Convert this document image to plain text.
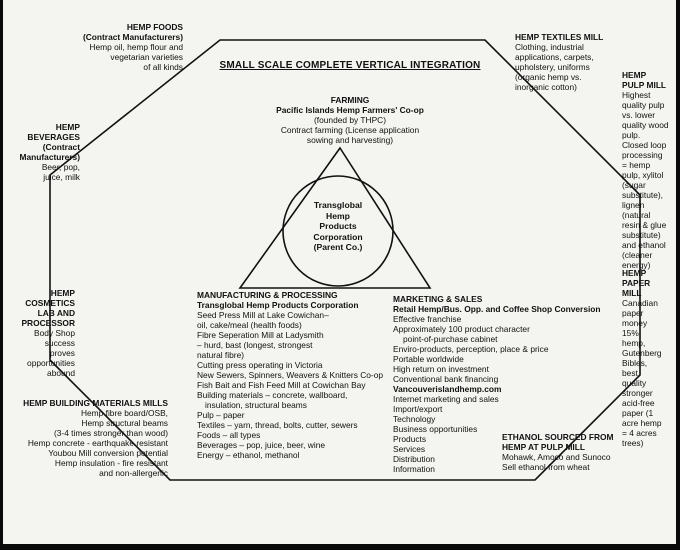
SMALL SCALE COMPLETE VERTICAL INTEGRATION
HEMP FOODS
(Contract Manufacturers)
Hemp oil, hemp flour and
vegetarian varieties
of all kinds
HEMP TEXTILES MILL
Clothing, industrial
applications, carpets,
upholstery, uniforms
(organic hemp vs.
inorganic cotton)
HEMP
PULP MILL
Highest
quality pulp
vs. lower
quality wood
pulp.
Closed loop
processing
= hemp
pulp, xylitol
(sugar
substitute),
lignen
(natural
resin & glue
substitute)
and ethanol
(cleaner
energy)
HEMP
PAPER
MILL
Canadian
paper
money
15%
hemp,
Gutenberg
Bibles,
best
quality
stronger
acid-free
paper (1
acre hemp
= 4 acres
trees)
HEMP
BEVERAGES
(Contract
Manufacturers)
Beer, pop,
juice, milk
HEMP
COSMETICS
LAB AND
PROCESSOR
Body Shop
success
proves
opportunities
abound
HEMP BUILDING MATERIALS MILLS
Hemp fibre board/OSB,
Hemp structural beams
(3-4 times stronger than wood)
Hemp concrete - earthquake resistant
Youbou Mill conversion potential
Hemp insulation - fire resistant
and non-allergenic
ETHANOL SOURCED FROM
HEMP AT PULP MILL
Mohawk, Amoco and Sunoco
Sell ethanol from wheat
FARMING
Pacific Islands Hemp Farmers' Co-op
(founded by THPC)
Contract farming (License application
sowing and harvesting)
Transglobal
Hemp
Products
Corporation
(Parent Co.)
MANUFACTURING & PROCESSING
Transglobal Hemp Products Corporation
Seed Press Mill at Lake Cowichan–
oil, cake/meal (health foods)
Fibre Seperation Mill at Ladysmith
– hurd, bast (longest, strongest
natural fibre)
Cutting press operating in Victoria
New Sewers, Spinners, Weavers & Knitters Co-op
Fish Bait and Fish Feed Mill at Cowichan Bay
Building materials – concrete, wallboard,
insulation, structural beams
Pulp – paper
Textiles – yarn, thread, bolts, cutter, sewers
Foods – all types
Beverages – pop, juice, beer, wine
Energy – ethanol, methanol
MARKETING & SALES
Retail Hemp/Bus. Opp. and Coffee Shop Conversion
Effective franchise
Approximately 100 product character
point-of-purchase cabinet
Enviro-products, perception, place & price
Portable worldwide
High return on investment
Conventional bank financing
Vancouverislandhemp.com
Internet marketing and sales
Import/export
Technology
Business opportunities
Products
Services
Distribution
Information
